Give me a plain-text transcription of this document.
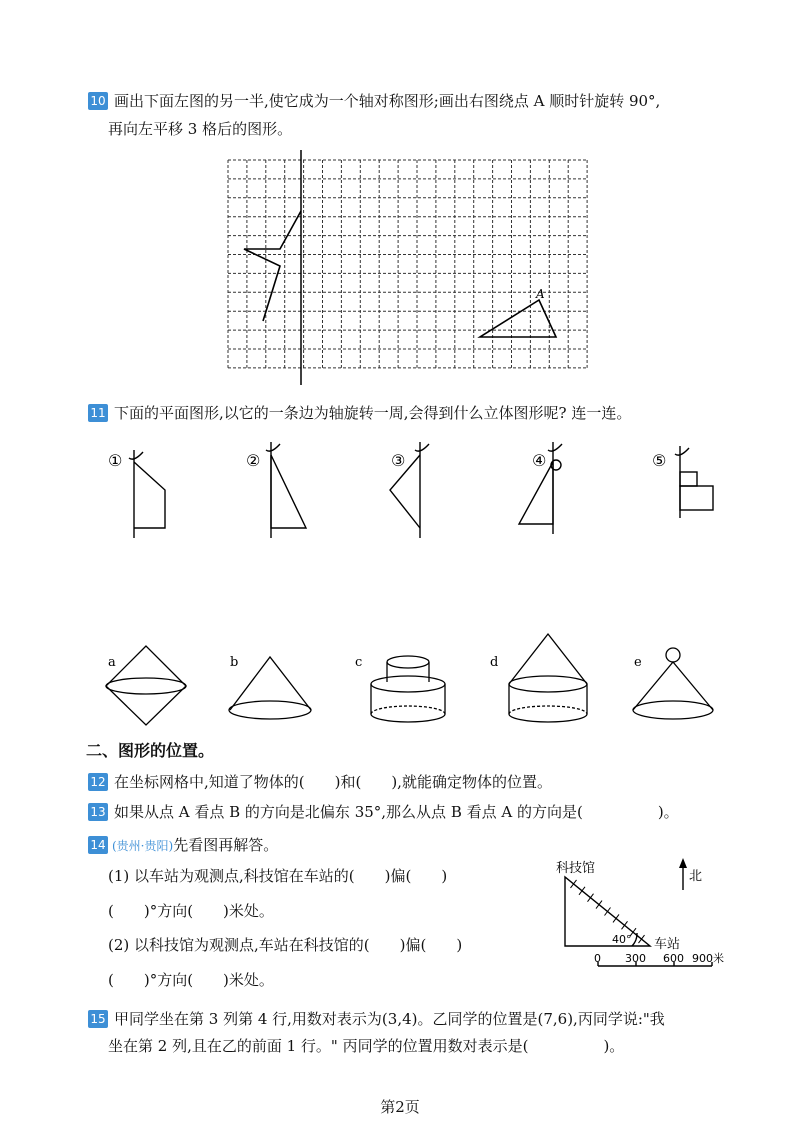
10 画出下面左图的另一半,使它成为一个轴对称图形;画出右图绕点 A 顺时针旋转 90°,
再向左平移 3 格后的图形。
A
11 下面的平面图形,以它的一条边为轴旋转一周,会得到什么立体图形呢? 连一连。
①	②	③	④	⑤
a	b	c	d	e
二、图形的位置。
12 在坐标网格中,知道了物体的(　　)和(　　),就能确定物体的位置。
13 如果从点 A 看点 B 的方向是北偏东 35°,那么从点 B 看点 A 的方向是(　　　　　)。
14 (贵州·贵阳)先看图再解答。
(1) 以车站为观测点,科技馆在车站的(　　)偏(　　)
(　　)°方向(　　)米处。
(2) 以科技馆为观测点,车站在科技馆的(　　)偏(　　)
(　　)°方向(　　)米处。
科技馆
北
40° 车站
0 300 600 900米
15 甲同学坐在第 3 列第 4 行,用数对表示为(3,4)。乙同学的位置是(7,6),丙同学说:"我
坐在第 2 列,且在乙的前面 1 行。" 丙同学的位置用数对表示是(　　　　　)。
第2页
